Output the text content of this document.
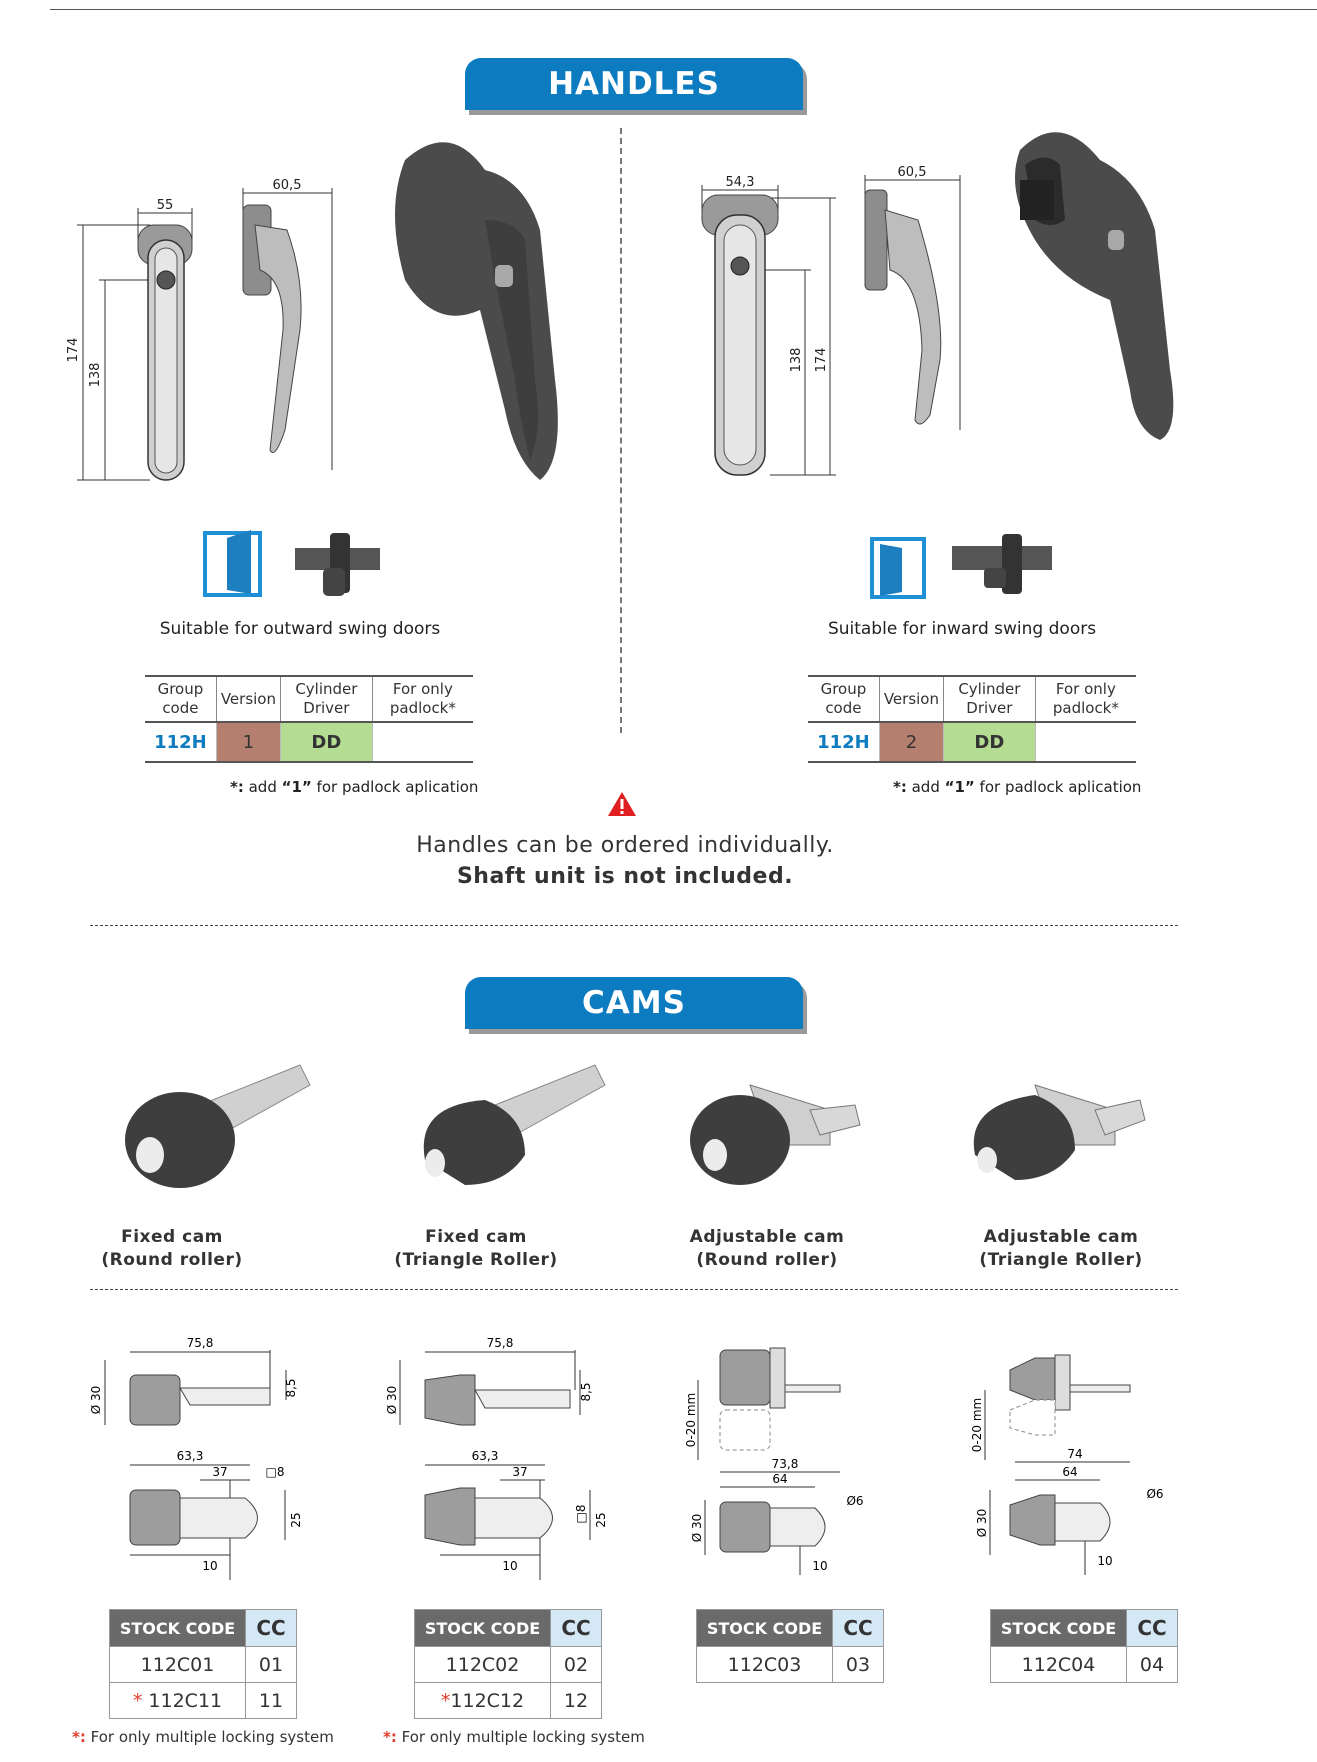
HANDLES
55
60,5
174
138
54,3
60,5
138 174
Suitable for outward swing doors	Suitable for inward swing doors
Group code	Version	Cylinder Driver	For only padlock*
112H	1	DD	
*: add “1” for padlock aplication
Group code	Version	Cylinder Driver	For only padlock*
112H	2	DD	
*: add “1” for padlock aplication
Handles can be ordered individually.
Shaft unit is not included.
CAMS
Fixed cam
(Round roller)
Fixed cam
(Triangle Roller)
Adjustable cam
(Round roller)
Adjustable cam
(Triangle Roller)
75,8
8,5
Ø 30
63,3
37	□8
25
10
75,8
8,5
Ø 30
63,3
37
□8 25
10
0-20 mm
73,8
64
Ø6
Ø 30
10
0-20 mm
74
64
Ø6
Ø 30
10
STOCK CODE	CC
112C01	01
* 112C11	11
STOCK CODE	CC
112C02	02
*112C12	12
STOCK CODE	CC
112C03	03
STOCK CODE	CC
112C04	04
*: For only multiple locking system	*: For only multiple locking system
